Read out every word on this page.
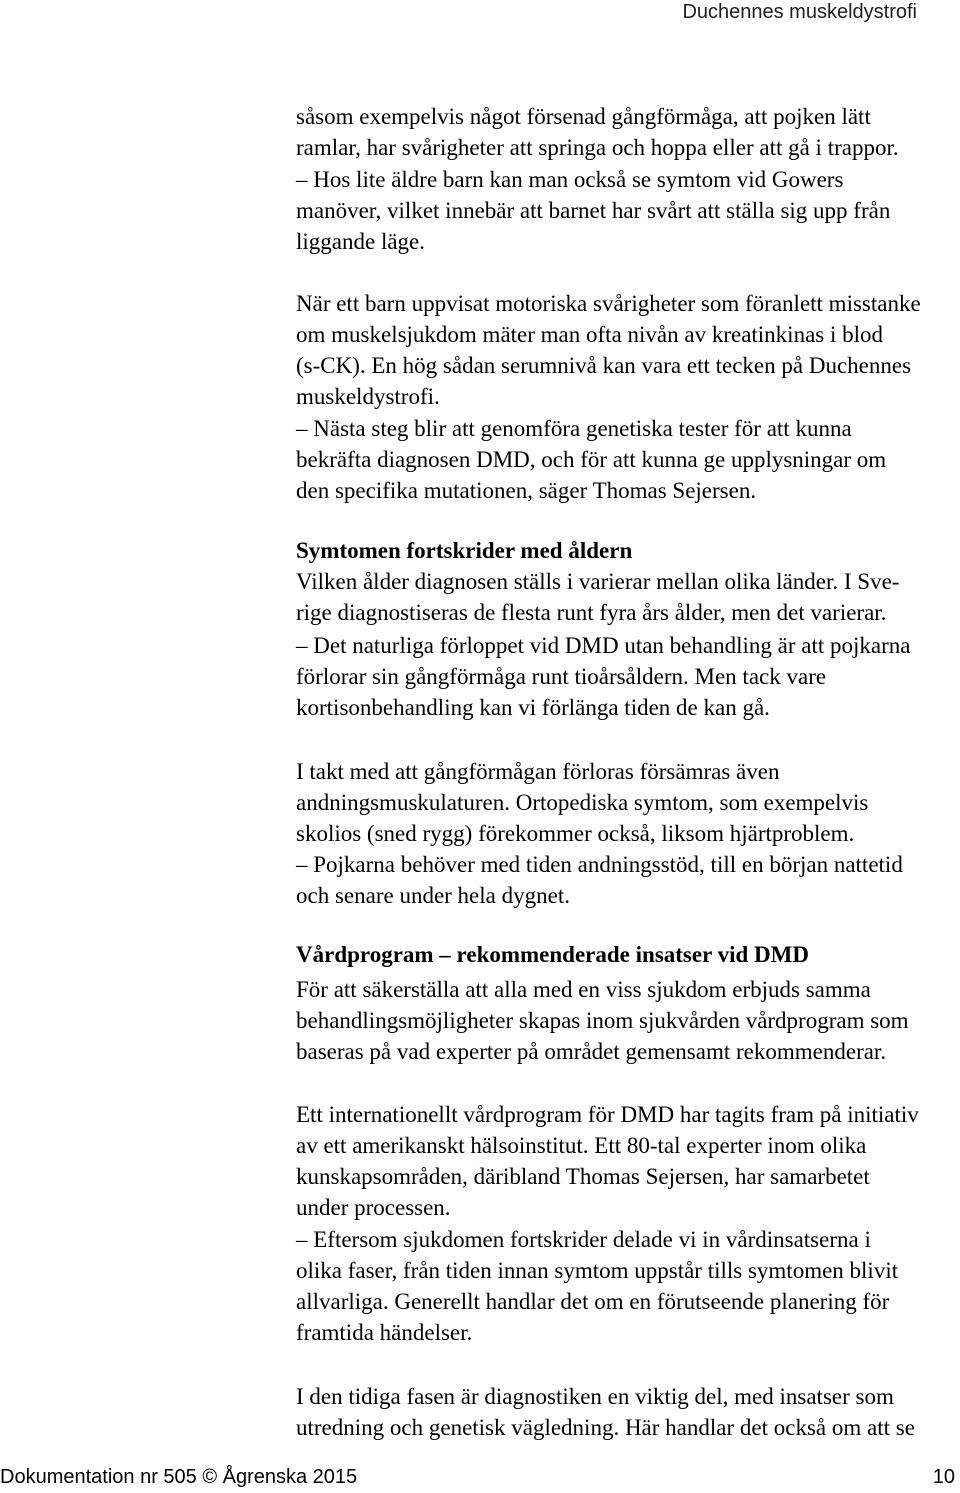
Duchennes muskeldystrofi
såsom exempelvis något försenad gångförmåga, att pojken lätt
ramlar, har svårigheter att springa och hoppa eller att gå i trappor.
– Hos lite äldre barn kan man också se symtom vid Gowers
manöver, vilket innebär att barnet har svårt att ställa sig upp från
liggande läge.
När ett barn uppvisat motoriska svårigheter som föranlett misstanke
om muskelsjukdom mäter man ofta nivån av kreatinkinas i blod
(s-CK). En hög sådan serumnivå kan vara ett tecken på Duchennes
muskeldystrofi.
– Nästa steg blir att genomföra genetiska tester för att kunna
bekräfta diagnosen DMD, och för att kunna ge upplysningar om
den specifika mutationen, säger Thomas Sejersen.
Symtomen fortskrider med åldern
Vilken ålder diagnosen ställs i varierar mellan olika länder. I Sve-
rige diagnostiseras de flesta runt fyra års ålder, men det varierar.
– Det naturliga förloppet vid DMD utan behandling är att pojkarna
förlorar sin gångförmåga runt tioårsåldern. Men tack vare
kortisonbehandling kan vi förlänga tiden de kan gå.
I takt med att gångförmågan förloras försämras även
andningsmuskulaturen. Ortopediska symtom, som exempelvis
skolios (sned rygg) förekommer också, liksom hjärtproblem.
– Pojkarna behöver med tiden andningsstöd, till en början nattetid
och senare under hela dygnet.
Vårdprogram – rekommenderade insatser vid DMD
För att säkerställa att alla med en viss sjukdom erbjuds samma
behandlingsmöjligheter skapas inom sjukvården vårdprogram som
baseras på vad experter på området gemensamt rekommenderar.
Ett internationellt vårdprogram för DMD har tagits fram på initiativ
av ett amerikanskt hälsoinstitut. Ett 80-tal experter inom olika
kunskapsområden, däribland Thomas Sejersen, har samarbetet
under processen.
– Eftersom sjukdomen fortskrider delade vi in vårdinsatserna i
olika faser, från tiden innan symtom uppstår tills symtomen blivit
allvarliga. Generellt handlar det om en förutseende planering för
framtida händelser.
I den tidiga fasen är diagnostiken en viktig del, med insatser som
utredning och genetisk vägledning. Här handlar det också om att se
Dokumentation nr 505 © Ågrenska 2015	10
